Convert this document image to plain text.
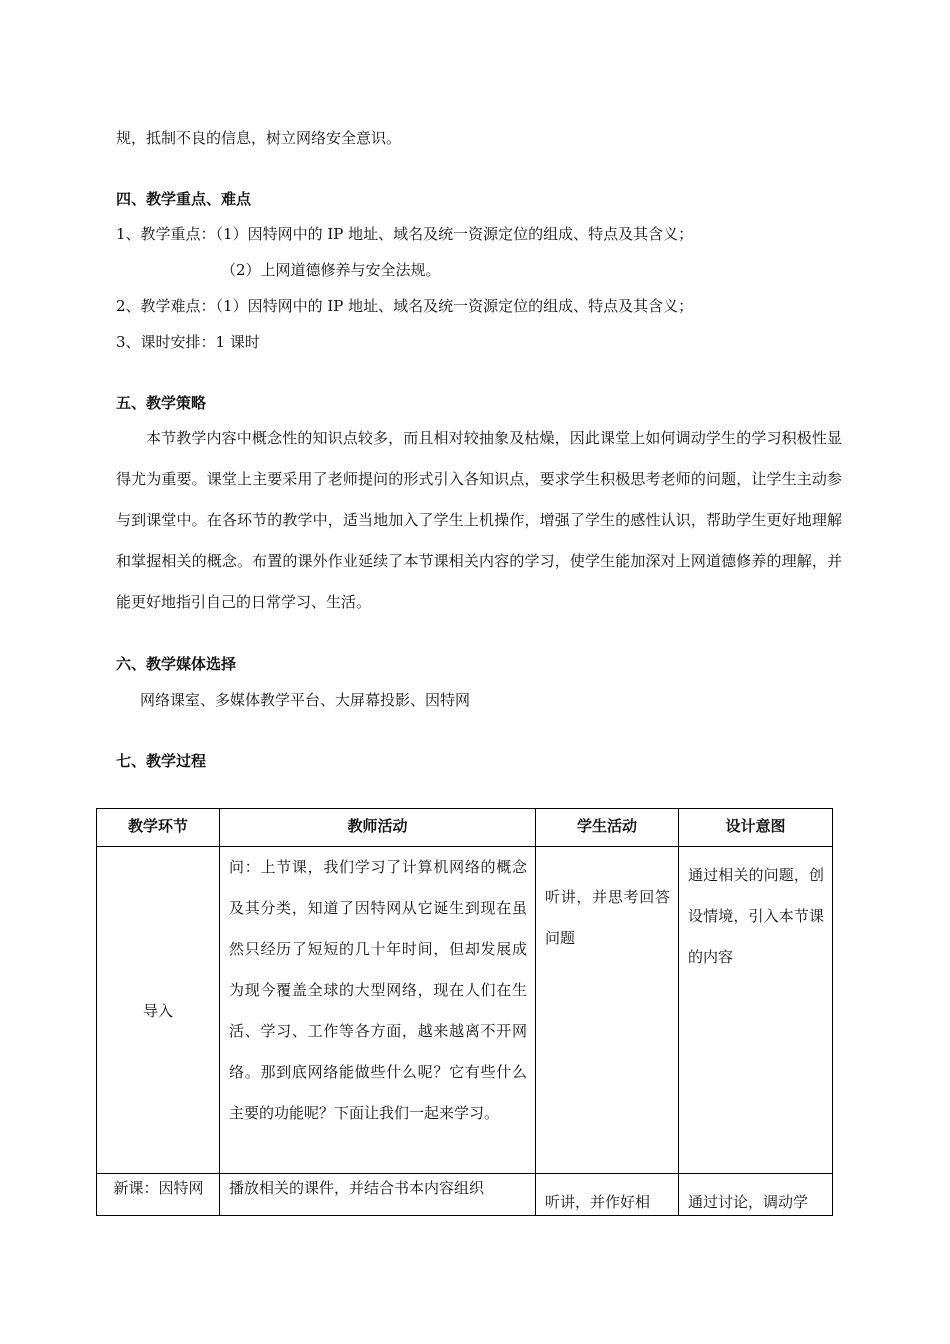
规，抵制不良的信息，树立网络安全意识。
四、教学重点、难点
1、教学重点：（1）因特网中的 IP 地址、域名及统一资源定位的组成、特点及其含义；
（2）上网道德修养与安全法规。
2、教学难点：（1）因特网中的 IP 地址、域名及统一资源定位的组成、特点及其含义；
3、课时安排：1 课时
五、教学策略
本节教学内容中概念性的知识点较多，而且相对较抽象及枯燥，因此课堂上如何调动学生的学习积极性显得尤为重要。课堂上主要采用了老师提问的形式引入各知识点，要求学生积极思考老师的问题，让学生主动参与到课堂中。在各环节的教学中，适当地加入了学生上机操作，增强了学生的感性认识，帮助学生更好地理解和掌握相关的概念。布置的课外作业延续了本节课相关内容的学习，使学生能加深对上网道德修养的理解，并能更好地指引自己的日常学习、生活。
六、教学媒体选择
网络课室、多媒体教学平台、大屏幕投影、因特网
七、教学过程
教学环节	教师活动	学生活动	设计意图
导入	问：上节课，我们学习了计算机网络的概念及其分类，知道了因特网从它诞生到现在虽然只经历了短短的几十年时间，但却发展成为现今覆盖全球的大型网络，现在人们在生活、学习、工作等各方面，越来越离不开网络。那到底网络能做些什么呢？它有些什么主要的功能呢？下面让我们一起来学习。	听讲，并思考回答问题	通过相关的问题，创设情境，引入本节课的内容

新课：因特网	播放相关的课件，并结合书本内容组织	听讲，并作好相	通过讨论，调动学
